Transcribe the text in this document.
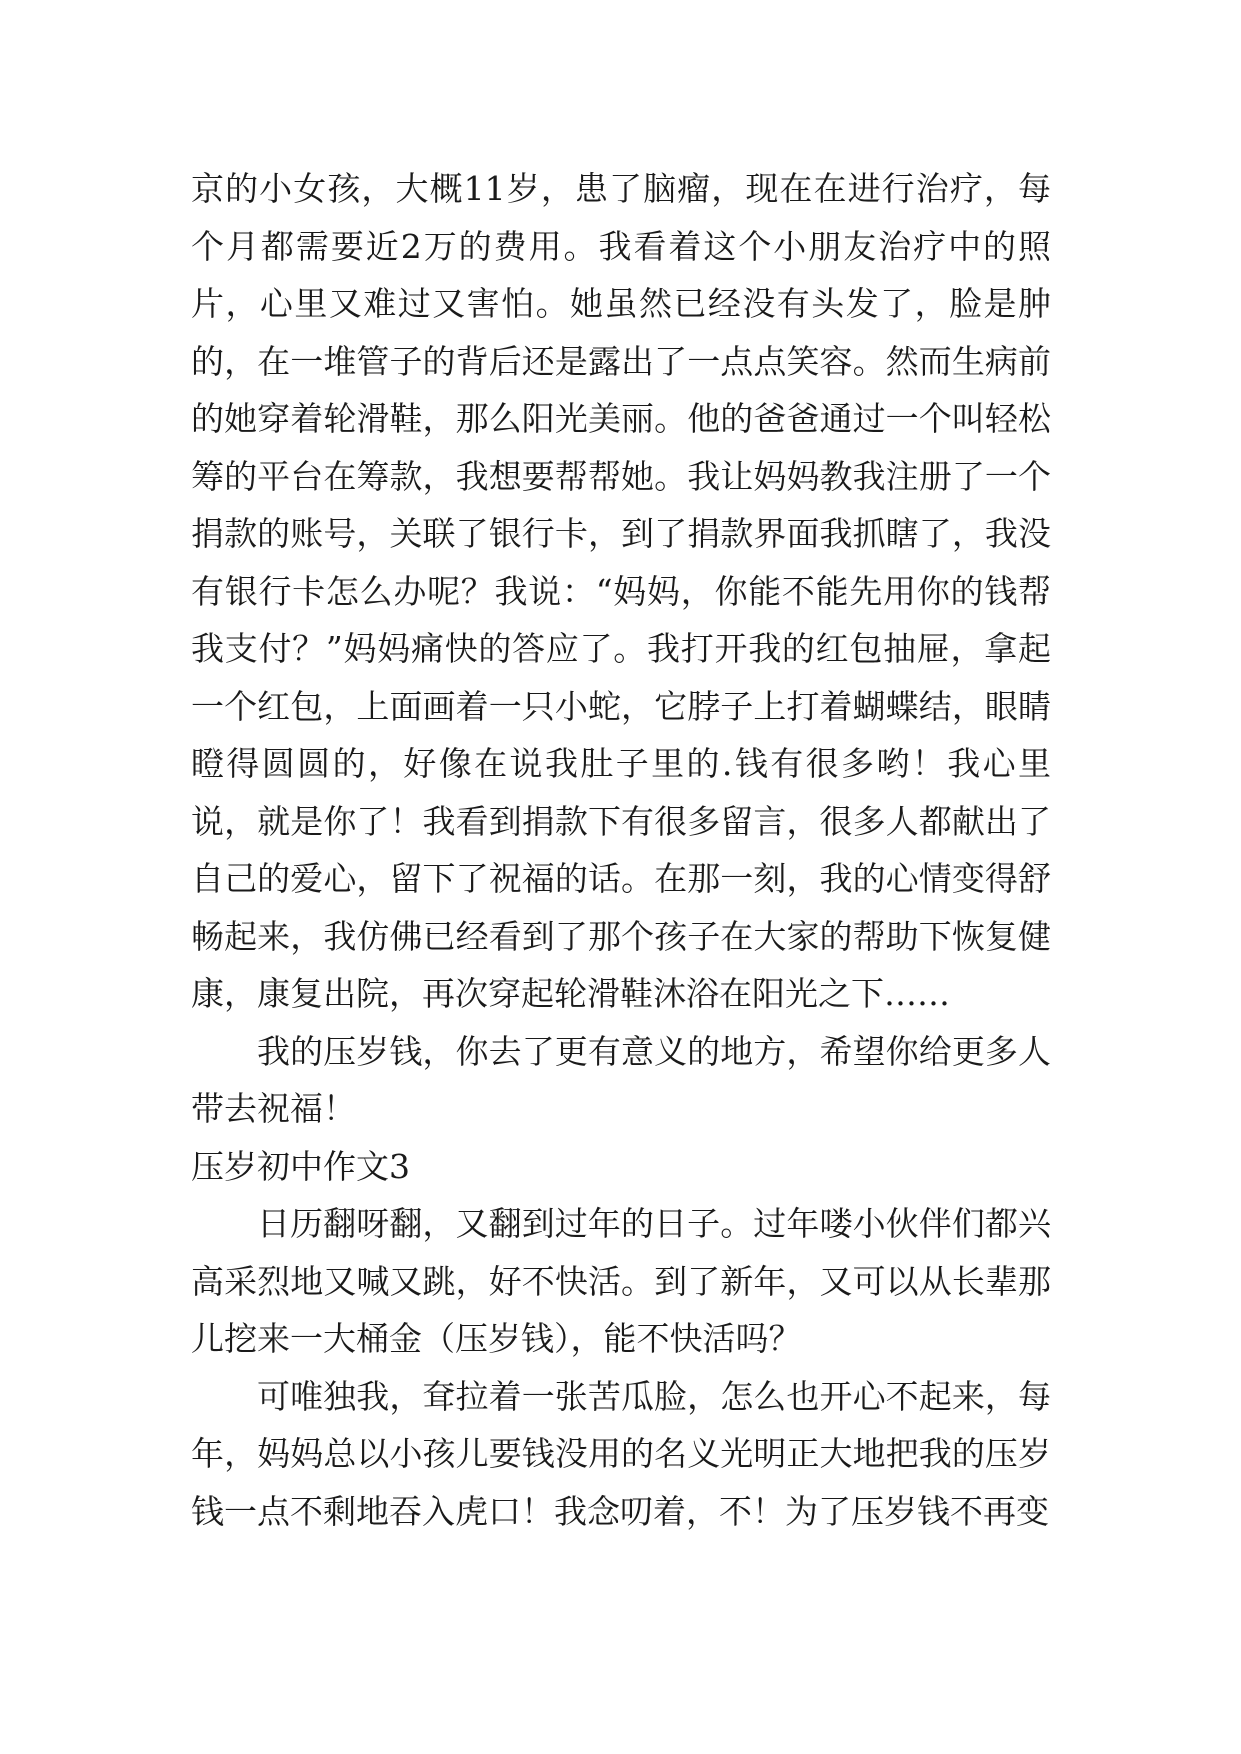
京的小女孩，大概11岁，患了脑瘤，现在在进行治疗，每个月都需要近2万的费用。我看着这个小朋友治疗中的照片，心里又难过又害怕。她虽然已经没有头发了，脸是肿的，在一堆管子的背后还是露出了一点点笑容。然而生病前的她穿着轮滑鞋，那么阳光美丽。他的爸爸通过一个叫轻松筹的平台在筹款，我想要帮帮她。我让妈妈教我注册了一个捐款的账号，关联了银行卡，到了捐款界面我抓瞎了，我没有银行卡怎么办呢？我说：“妈妈，你能不能先用你的钱帮我支付？”妈妈痛快的答应了。我打开我的红包抽屉，拿起一个红包，上面画着一只小蛇，它脖子上打着蝴蝶结，眼睛瞪得圆圆的，好像在说我肚子里的.钱有很多哟！我心里说，就是你了！我看到捐款下有很多留言，很多人都献出了自己的爱心，留下了祝福的话。在那一刻，我的心情变得舒畅起来，我仿佛已经看到了那个孩子在大家的帮助下恢复健康，康复出院，再次穿起轮滑鞋沐浴在阳光之下……

我的压岁钱，你去了更有意义的地方，希望你给更多人带去祝福！

压岁初中作文3

日历翻呀翻，又翻到过年的日子。过年喽小伙伴们都兴高采烈地又喊又跳，好不快活。到了新年，又可以从长辈那儿挖来一大桶金（压岁钱），能不快活吗？

可唯独我，耷拉着一张苦瓜脸，怎么也开心不起来，每年，妈妈总以小孩儿要钱没用的名义光明正大地把我的压岁钱一点不剩地吞入虎口！我念叨着，不！为了压岁钱不再变
